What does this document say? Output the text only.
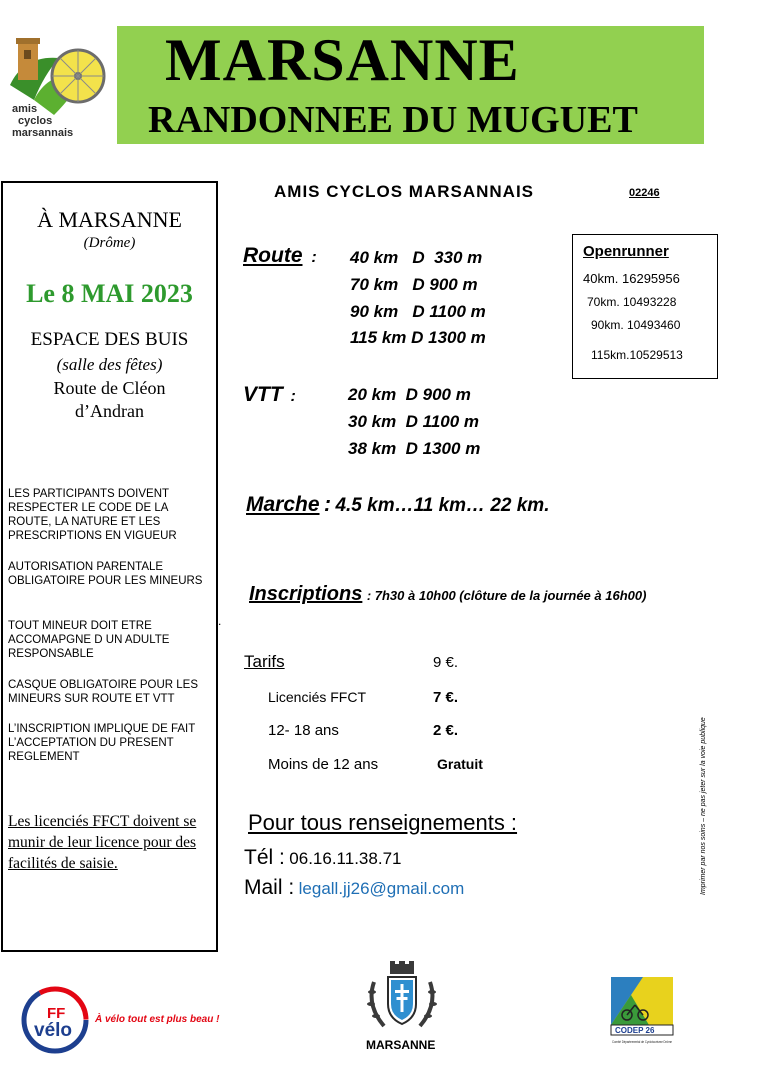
amis
cyclos
marsannais
MARSANNE
RANDONNEE DU MUGUET
À MARSANNE
(Drôme)
Le 8 MAI 2023
ESPACE DES BUIS
(salle des fêtes)
Route de Cléon
d’Andran
LES PARTICIPANTS DOIVENT RESPECTER LE CODE DE LA ROUTE, LA NATURE ET LES PRESCRIPTIONS EN VIGUEUR
AUTORISATION PARENTALE OBLIGATOIRE POUR LES MINEURS
TOUT MINEUR DOIT ETRE ACCOMAPGNE D UN ADULTE RESPONSABLE
CASQUE OBLIGATOIRE POUR LES MINEURS SUR ROUTE ET VTT
L’INSCRIPTION IMPLIQUE DE FAIT L’ACCEPTATION DU PRESENT REGLEMENT
Les licenciés FFCT doivent se munir de leur licence pour des facilités de saisie.
AMIS CYCLOS MARSANNAIS	02246
Route : 40 km   D  330 m
70 km   D 900 m
90 km   D 1100 m
115 km D 1300 m
Openrunner
40km. 16295956
70km. 10493228
90km. 10493460
115km.10529513
VTT :	20 km  D 900 m
30 km  D 1100 m
38 km  D 1300 m
Marche : 4.5 km…11 km… 22 km.
Inscriptions : 7h30 à 10h00 (clôture de la journée à 16h00)
.
Tarifs	9 €.
Licenciés FFCT	7 €.
12- 18 ans	2 €.
Moins de 12 ans	Gratuit
Pour tous renseignements :
Tél : 06.16.11.38.71
Mail : legall.jj26@gmail.com	Imprimer par nos soins – ne pas jeter sur la voie publique
FF
vélo
À vélo tout est plus beau !
MARSANNE
CODEP 26
Comité Départemental de Cyclotourisme Drôme
